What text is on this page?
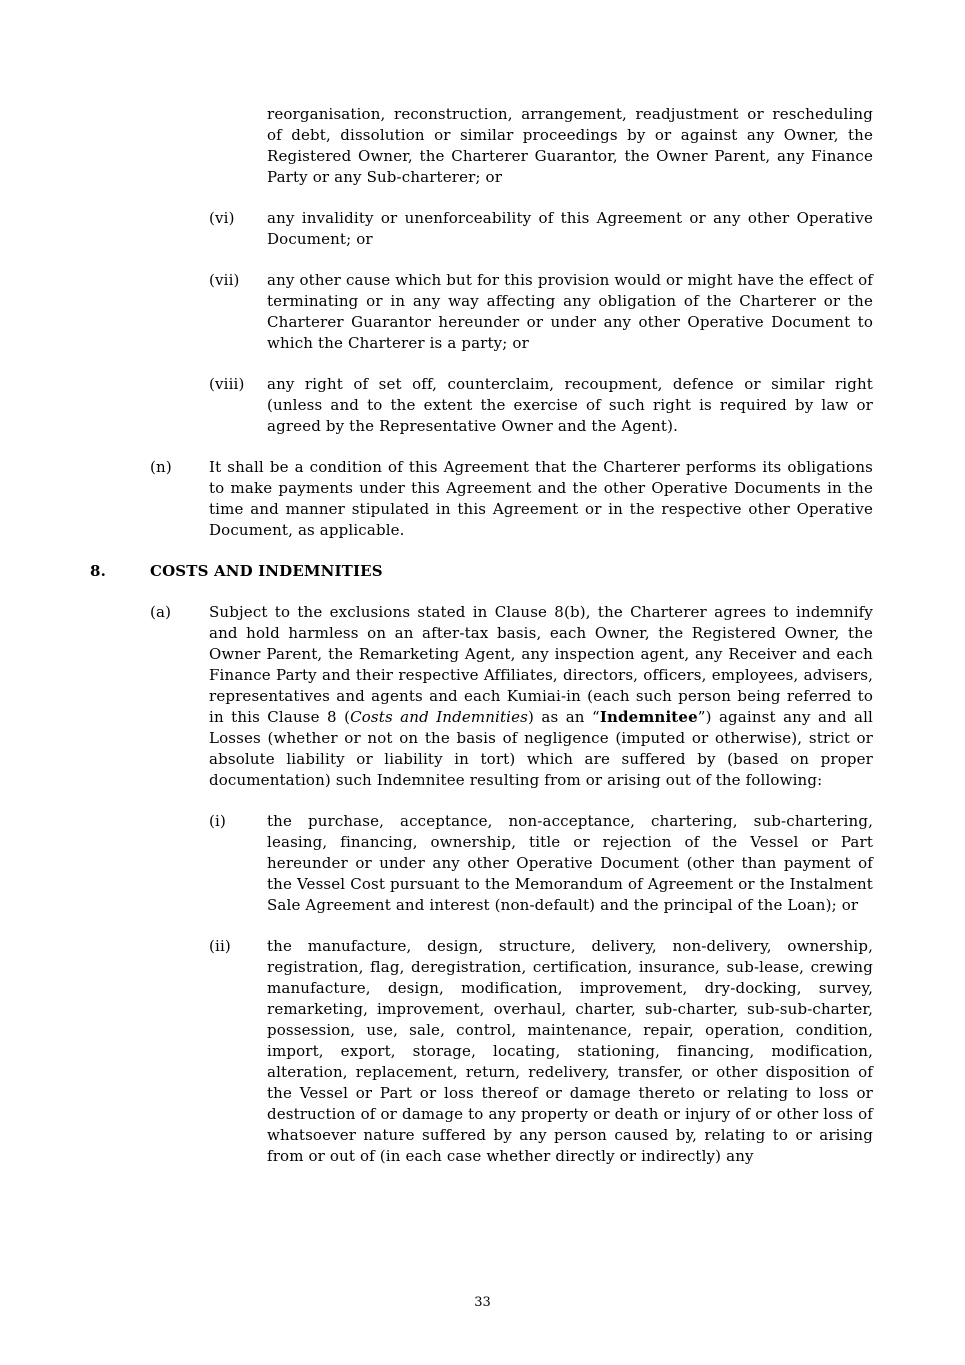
reorganisation, reconstruction, arrangement, readjustment or rescheduling of debt, dissolution or similar proceedings by or against any Owner, the Registered Owner, the Charterer Guarantor, the Owner Parent, any Finance Party or any Sub-charterer; or
(vi)	any invalidity or unenforceability of this Agreement or any other Operative Document; or
(vii)	any other cause which but for this provision would or might have the effect of terminating or in any way affecting any obligation of the Charterer or the Charterer Guarantor hereunder or under any other Operative Document to which the Charterer is a party; or
(viii)	any right of set off, counterclaim, recoupment, defence or similar right (unless and to the extent the exercise of such right is required by law or agreed by the Representative Owner and the Agent).
(n)	It shall be a condition of this Agreement that the Charterer performs its obligations to make payments under this Agreement and the other Operative Documents in the time and manner stipulated in this Agreement or in the respective other Operative Document, as applicable.
8.	COSTS AND INDEMNITIES
(a)	Subject to the exclusions stated in Clause 8(b), the Charterer agrees to indemnify and hold harmless on an after-tax basis, each Owner, the Registered Owner, the Owner Parent, the Remarketing Agent, any inspection agent, any Receiver and each Finance Party and their respective Affiliates, directors, officers, employees, advisers, representatives and agents and each Kumiai-in (each such person being referred to in this Clause 8 (Costs and Indemnities) as an “Indemnitee”) against any and all Losses (whether or not on the basis of negligence (imputed or otherwise), strict or absolute liability or liability in tort) which are suffered by (based on proper documentation) such Indemnitee resulting from or arising out of the following:
(i)	the purchase, acceptance, non-acceptance, chartering, sub-chartering, leasing, financing, ownership, title or rejection of the Vessel or Part hereunder or under any other Operative Document (other than payment of the Vessel Cost pursuant to the Memorandum of Agreement or the Instalment Sale Agreement and interest (non-default) and the principal of the Loan); or
(ii)	the manufacture, design, structure, delivery, non-delivery, ownership, registration, flag, deregistration, certification, insurance, sub-lease, crewing manufacture, design, modification, improvement, dry-docking, survey, remarketing, improvement, overhaul, charter, sub-charter, sub-sub-charter, possession, use, sale, control, maintenance, repair, operation, condition, import, export, storage, locating, stationing, financing, modification, alteration, replacement, return, redelivery, transfer, or other disposition of the Vessel or Part or loss thereof or damage thereto or relating to loss or destruction of or damage to any property or death or injury of or other loss of whatsoever nature suffered by any person caused by, relating to or arising from or out of (in each case whether directly or indirectly) any
33
